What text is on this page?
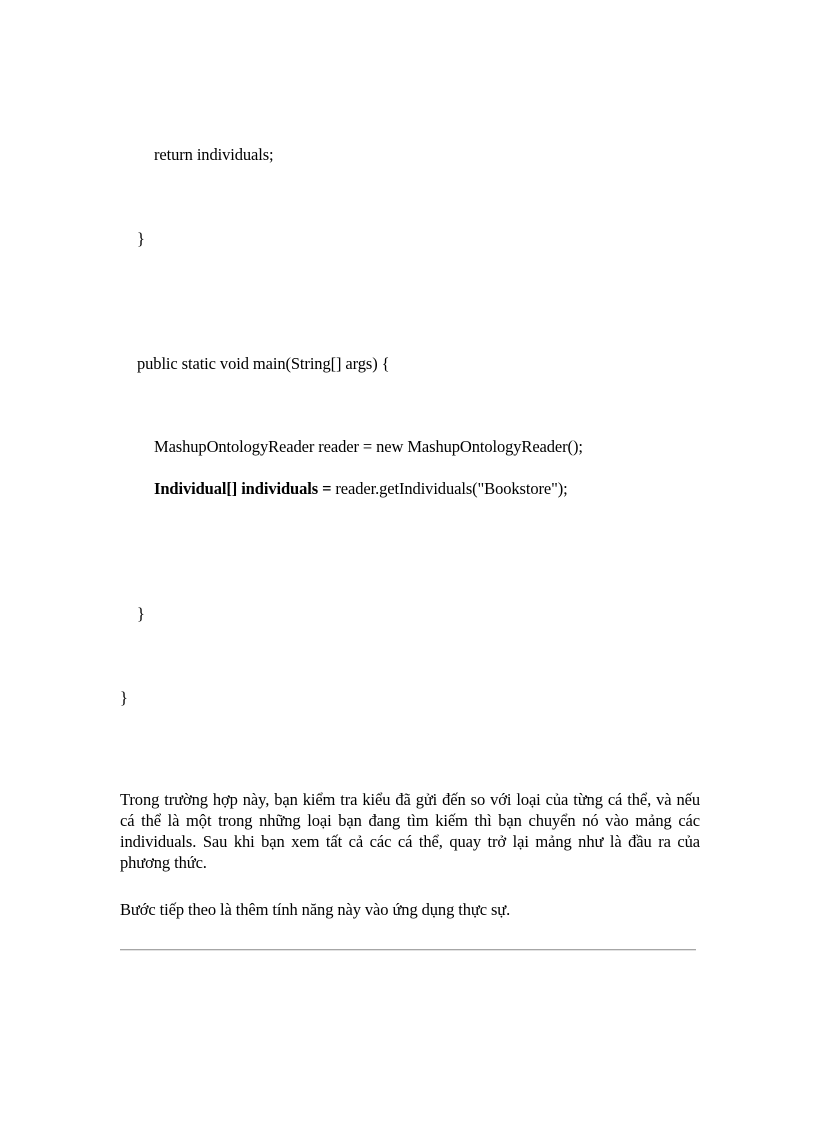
return individuals;
}
public static void main(String[] args) {
MashupOntologyReader reader = new MashupOntologyReader();
Individual[] individuals = reader.getIndividuals("Bookstore");
}
}

Trong trường hợp này, bạn kiểm tra kiểu đã gửi đến so với loại của từng cá thể, và nếu cá thể là một trong những loại bạn đang tìm kiếm thì bạn chuyển nó vào mảng các individuals. Sau khi bạn xem tất cả các cá thể, quay trở lại mảng như là đầu ra của phương thức.

Bước tiếp theo là thêm tính năng này vào ứng dụng thực sự.
